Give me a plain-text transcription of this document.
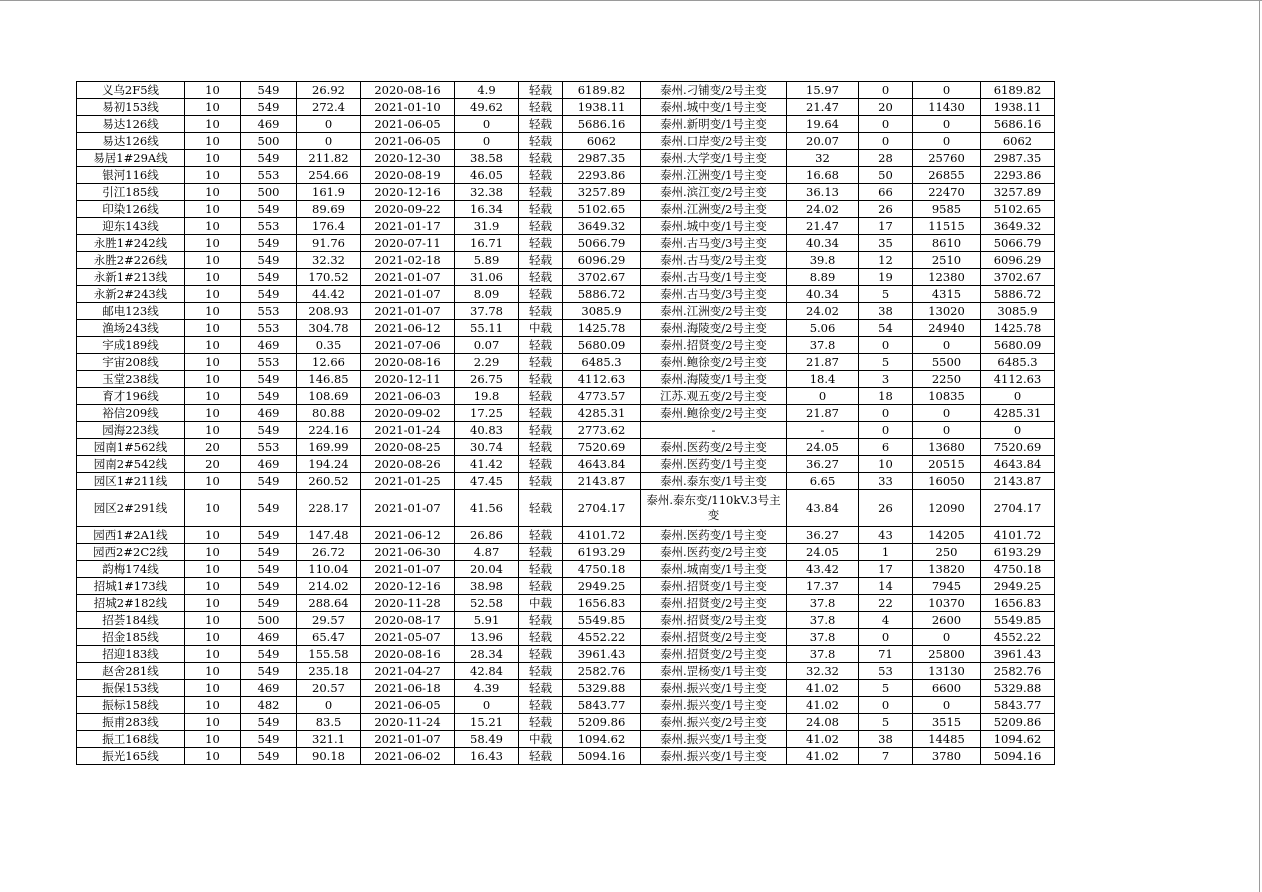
义乌2F5线	10	549	26.92	2020-08-16	4.9	轻载	6189.82	泰州.刁铺变/2号主变	15.97	0	0	6189.82
易初153线	10	549	272.4	2021-01-10	49.62	轻载	1938.11	泰州.城中变/1号主变	21.47	20	11430	1938.11
易达126线	10	469	0	2021-06-05	0	轻载	5686.16	泰州.新明变/1号主变	19.64	0	0	5686.16
易达126线	10	500	0	2021-06-05	0	轻载	6062	泰州.口岸变/2号主变	20.07	0	0	6062
易居1#29A线	10	549	211.82	2020-12-30	38.58	轻载	2987.35	泰州.大学变/1号主变	32	28	25760	2987.35
银河116线	10	553	254.66	2020-08-19	46.05	轻载	2293.86	泰州.江洲变/1号主变	16.68	50	26855	2293.86
引江185线	10	500	161.9	2020-12-16	32.38	轻载	3257.89	泰州.滨江变/2号主变	36.13	66	22470	3257.89
印染126线	10	549	89.69	2020-09-22	16.34	轻载	5102.65	泰州.江洲变/2号主变	24.02	26	9585	5102.65
迎东143线	10	553	176.4	2021-01-17	31.9	轻载	3649.32	泰州.城中变/1号主变	21.47	17	11515	3649.32
永胜1#242线	10	549	91.76	2020-07-11	16.71	轻载	5066.79	泰州.古马变/3号主变	40.34	35	8610	5066.79
永胜2#226线	10	549	32.32	2021-02-18	5.89	轻载	6096.29	泰州.古马变/2号主变	39.8	12	2510	6096.29
永新1#213线	10	549	170.52	2021-01-07	31.06	轻载	3702.67	泰州.古马变/1号主变	8.89	19	12380	3702.67
永新2#243线	10	549	44.42	2021-01-07	8.09	轻载	5886.72	泰州.古马变/3号主变	40.34	5	4315	5886.72
邮电123线	10	553	208.93	2021-01-07	37.78	轻载	3085.9	泰州.江洲变/2号主变	24.02	38	13020	3085.9
渔场243线	10	553	304.78	2021-06-12	55.11	中载	1425.78	泰州.海陵变/2号主变	5.06	54	24940	1425.78
宇成189线	10	469	0.35	2021-07-06	0.07	轻载	5680.09	泰州.招贤变/2号主变	37.8	0	0	5680.09
宇宙208线	10	553	12.66	2020-08-16	2.29	轻载	6485.3	泰州.鲍徐变/2号主变	21.87	5	5500	6485.3
玉堂238线	10	549	146.85	2020-12-11	26.75	轻载	4112.63	泰州.海陵变/1号主变	18.4	3	2250	4112.63
育才196线	10	549	108.69	2021-06-03	19.8	轻载	4773.57	江苏.观五变/2号主变	0	18	10835	0
裕信209线	10	469	80.88	2020-09-02	17.25	轻载	4285.31	泰州.鲍徐变/2号主变	21.87	0	0	4285.31
园海223线	10	549	224.16	2021-01-24	40.83	轻载	2773.62	-	-	0	0	0
园南1#562线	20	553	169.99	2020-08-25	30.74	轻载	7520.69	泰州.医药变/2号主变	24.05	6	13680	7520.69
园南2#542线	20	469	194.24	2020-08-26	41.42	轻载	4643.84	泰州.医药变/1号主变	36.27	10	20515	4643.84
园区1#211线	10	549	260.52	2021-01-25	47.45	轻载	2143.87	泰州.泰东变/1号主变	6.65	33	16050	2143.87
园区2#291线	10	549	228.17	2021-01-07	41.56	轻载	2704.17	泰州.泰东变/110kV.3号主变	43.84	26	12090	2704.17
园西1#2A1线	10	549	147.48	2021-06-12	26.86	轻载	4101.72	泰州.医药变/1号主变	36.27	43	14205	4101.72
园西2#2C2线	10	549	26.72	2021-06-30	4.87	轻载	6193.29	泰州.医药变/2号主变	24.05	1	250	6193.29
韵梅174线	10	549	110.04	2021-01-07	20.04	轻载	4750.18	泰州.城南变/1号主变	43.42	17	13820	4750.18
招城1#173线	10	549	214.02	2020-12-16	38.98	轻载	2949.25	泰州.招贤变/1号主变	17.37	14	7945	2949.25
招城2#182线	10	549	288.64	2020-11-28	52.58	中载	1656.83	泰州.招贤变/2号主变	37.8	22	10370	1656.83
招荟184线	10	500	29.57	2020-08-17	5.91	轻载	5549.85	泰州.招贤变/2号主变	37.8	4	2600	5549.85
招金185线	10	469	65.47	2021-05-07	13.96	轻载	4552.22	泰州.招贤变/2号主变	37.8	0	0	4552.22
招迎183线	10	549	155.58	2020-08-16	28.34	轻载	3961.43	泰州.招贤变/2号主变	37.8	71	25800	3961.43
赵舍281线	10	549	235.18	2021-04-27	42.84	轻载	2582.76	泰州.罡杨变/1号主变	32.32	53	13130	2582.76
振保153线	10	469	20.57	2021-06-18	4.39	轻载	5329.88	泰州.振兴变/1号主变	41.02	5	6600	5329.88
振标158线	10	482	0	2021-06-05	0	轻载	5843.77	泰州.振兴变/1号主变	41.02	0	0	5843.77
振甫283线	10	549	83.5	2020-11-24	15.21	轻载	5209.86	泰州.振兴变/2号主变	24.08	5	3515	5209.86
振工168线	10	549	321.1	2021-01-07	58.49	中载	1094.62	泰州.振兴变/1号主变	41.02	38	14485	1094.62
振光165线	10	549	90.18	2021-06-02	16.43	轻载	5094.16	泰州.振兴变/1号主变	41.02	7	3780	5094.16
